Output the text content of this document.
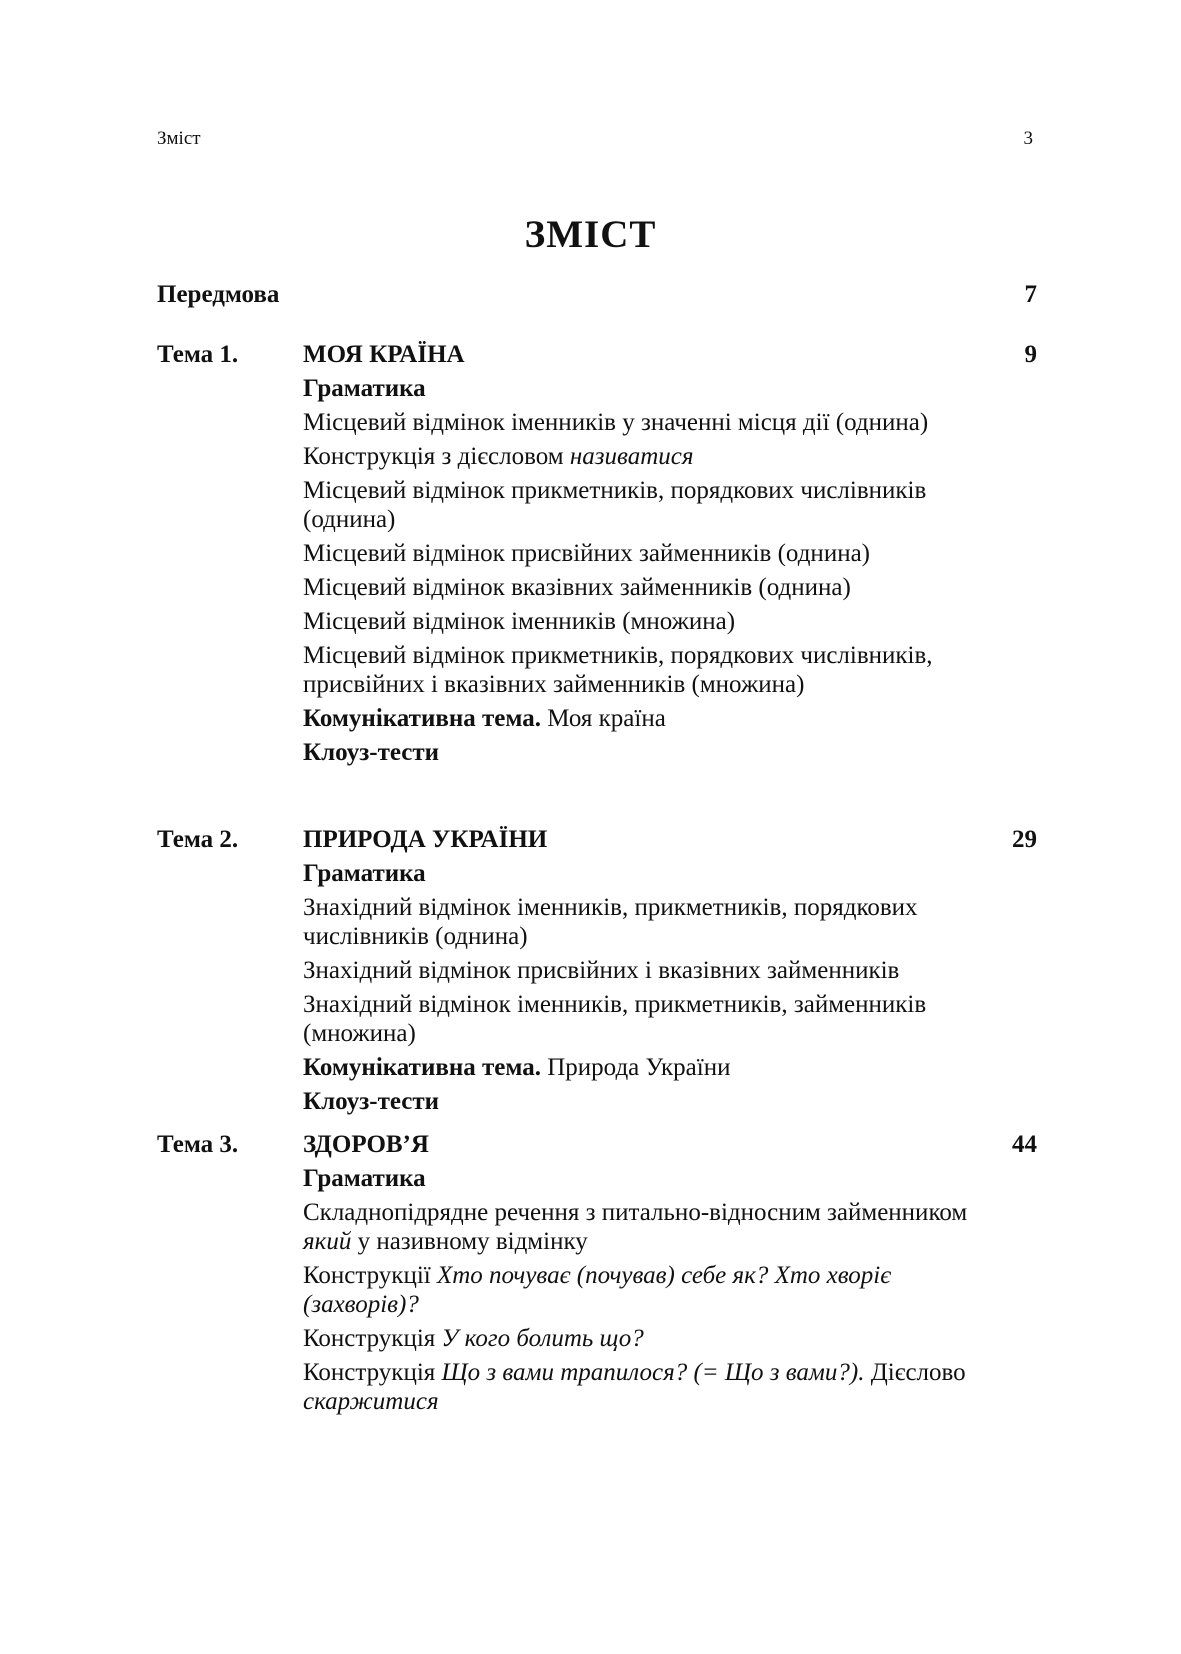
Зміст	3
ЗМІСТ
Передмова	7
Тема 1.	МОЯ КРАЇНА	9
Граматика
Місцевий відмінок іменників у значенні місця дії (однина)
Конструкція з дієсловом називатися
Місцевий відмінок прикметників, порядкових числівників (однина)
Місцевий відмінок присвійних займенників (однина)
Місцевий відмінок вказівних займенників (однина)
Місцевий відмінок іменників (множина)
Місцевий відмінок прикметників, порядкових числівників, присвійних і вказівних займенників (множина)
Комунікативна тема. Моя країна
Клоуз-тести
Тема 2.	ПРИРОДА УКРАЇНИ	29
Граматика
Знахідний відмінок іменників, прикметників, порядкових числівників (однина)
Знахідний відмінок присвійних і вказівних займенників
Знахідний відмінок іменників, прикметників, займенників (множина)
Комунікативна тема. Природа України
Клоуз-тести
Тема 3.	ЗДОРОВ’Я	44
Граматика
Складнопідрядне речення з питально-відносним займенником який у називному відмінку
Конструкції Хто почуває (почував) себе як? Хто хворіє (захворів)?
Конструкція У кого болить що?
Конструкція Що з вами трапилося? (= Що з вами?). Дієслово скаржитися
